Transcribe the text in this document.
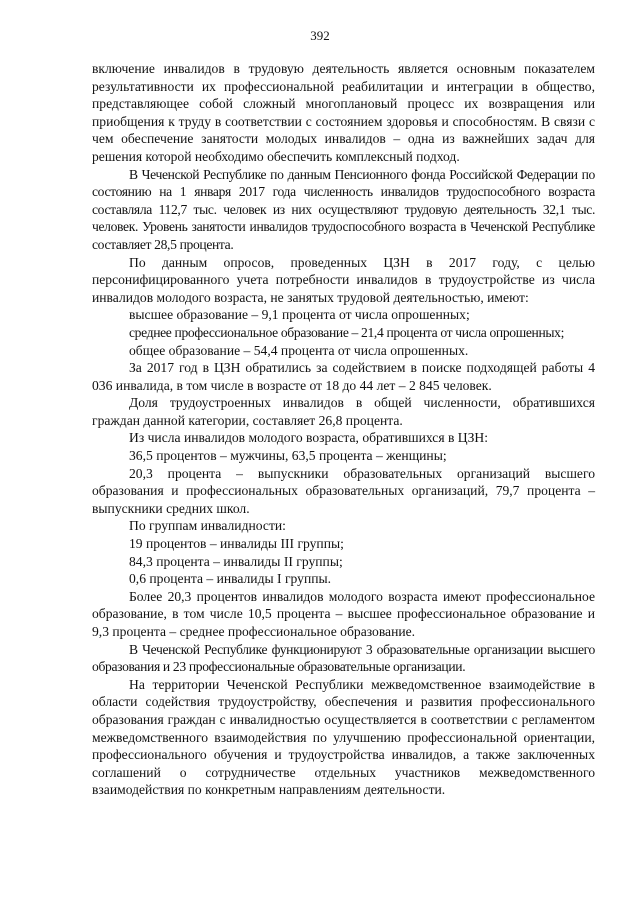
392

включение инвалидов в трудовую деятельность является основным показателем результативности их профессиональной реабилитации и интеграции в общество, представляющее собой сложный многоплановый процесс их возвращения или приобщения к труду в соответствии с состоянием здоровья и способностям. В связи с чем обеспечение занятости молодых инвалидов – одна из важнейших задач для решения которой необходимо обеспечить комплексный подход.

В Чеченской Республике по данным Пенсионного фонда Российской Федерации по состоянию на 1 января 2017 года численность инвалидов трудоспособного возраста составляла 112,7 тыс. человек из них осуществляют трудовую деятельность 32,1 тыс. человек. Уровень занятости инвалидов трудоспособного возраста в Чеченской Республике составляет 28,5 процента.

По данным опросов, проведенных ЦЗН в 2017 году, с целью персонифицированного учета потребности инвалидов в трудоустройстве из числа инвалидов молодого возраста, не занятых трудовой деятельностью, имеют:

высшее образование – 9,1 процента от числа опрошенных;

среднее профессиональное образование – 21,4 процента от числа опрошенных;

общее образование – 54,4 процента от числа опрошенных.

За 2017 год в ЦЗН обратились за содействием в поиске подходящей работы 4 036 инвалида, в том числе в возрасте от 18 до 44 лет – 2 845 человек.

Доля трудоустроенных инвалидов в общей численности, обратившихся граждан данной категории, составляет 26,8 процента.

Из числа инвалидов молодого возраста, обратившихся в ЦЗН:

36,5 процентов – мужчины, 63,5 процента – женщины;

20,3 процента – выпускники образовательных организаций высшего образования и профессиональных образовательных организаций, 79,7 процента – выпускники средних школ.

По группам инвалидности:

19 процентов – инвалиды III группы;

84,3 процента – инвалиды II группы;

0,6 процента – инвалиды I группы.

Более 20,3 процентов инвалидов молодого возраста имеют профессиональное образование, в том числе 10,5 процента – высшее профессиональное образование и 9,3 процента – среднее профессиональное образование.

В Чеченской Республике функционируют 3 образовательные организации высшего образования и 23 профессиональные образовательные организации.

На территории Чеченской Республики межведомственное взаимодействие в области содействия трудоустройству, обеспечения и развития профессионального образования граждан с инвалидностью осуществляется в соответствии с регламентом межведомственного взаимодействия по улучшению профессиональной ориентации, профессионального обучения и трудоустройства инвалидов, а также заключенных соглашений о сотрудничестве отдельных участников межведомственного взаимодействия по конкретным направлениям деятельности.
